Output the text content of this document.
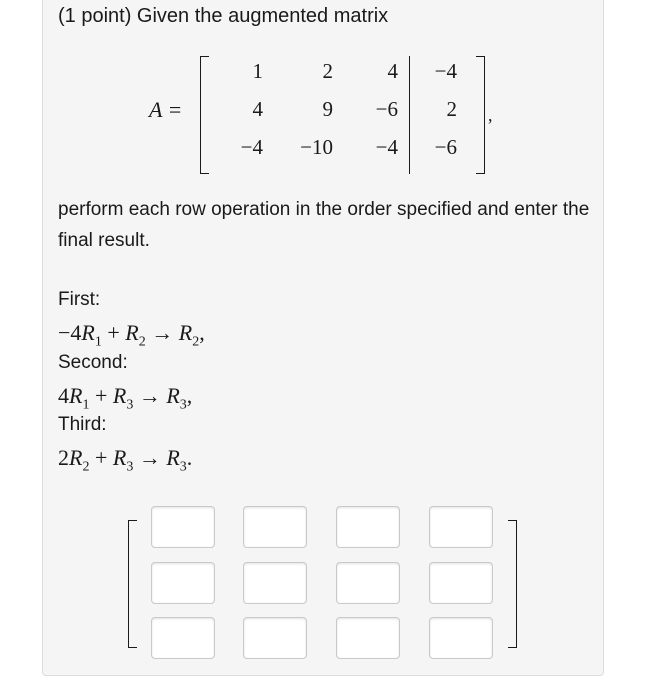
(1 point) Given the augmented matrix
A =
1	2	4	−4
4	9	−6	2
−4	−10	−4	−6
,
perform each row operation in the order specified and enter the final result.
First:
$-4R_1 + R_2 \to R_2$,
Second:
$4R_1 + R_3 \to R_3$,
Third:
$2R_2 + R_3 \to R_3$.
